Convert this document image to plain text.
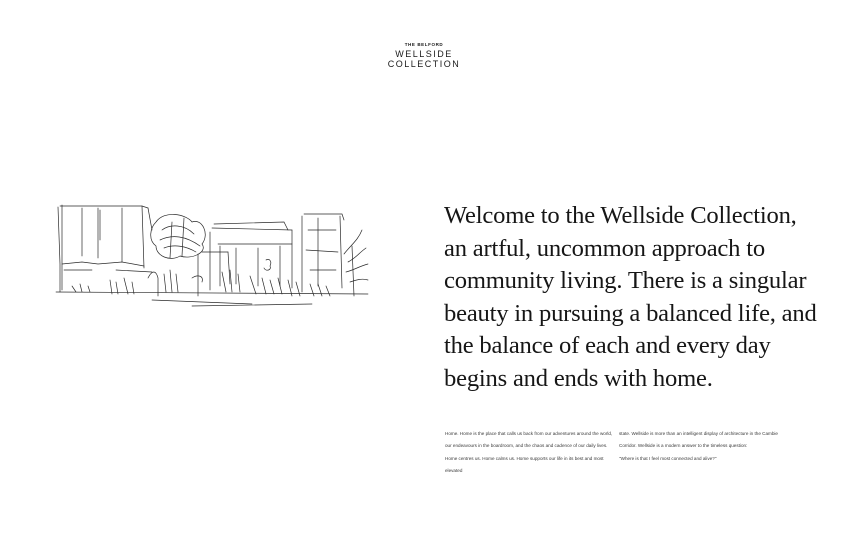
THE BELFORD
WELLSIDE
COLLECTION
Welcome to the Wellside Collection, an artful, uncommon approach to community living. There is a singular beauty in pursuing a balanced life, and the balance of each and every day begins and ends with home.

Home. Home is the place that calls us back from our adventures around the world, our endeavours in the boardroom, and the chaos and cadence of our daily lives. Home centres us. Home calms us. Home supports our life in its best and most elevated

state. Wellside is more than an intelligent display of architecture in the Cambie Corridor. Wellside is a modern answer to the timeless question:
"Where is that I feel most connected and alive?"
